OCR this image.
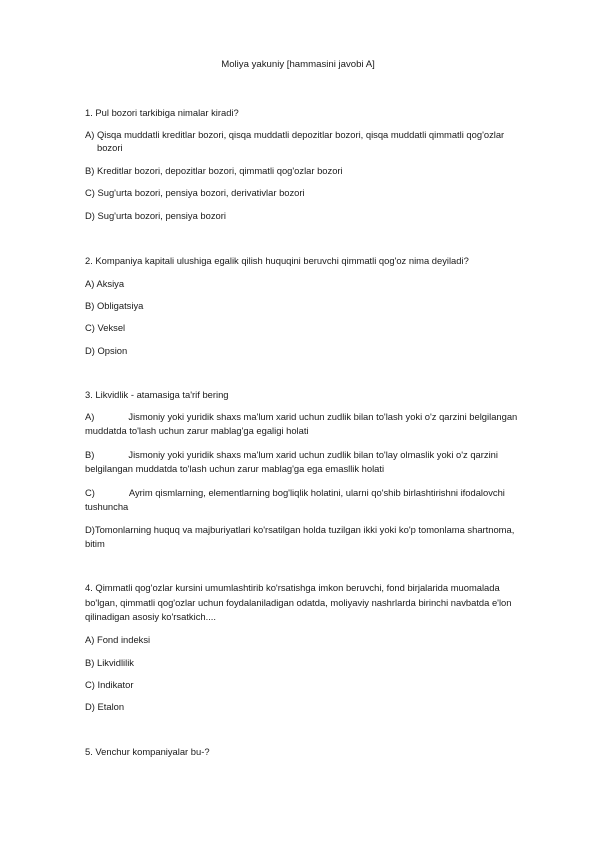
Moliya yakuniy [hammasini javobi A]
1. Pul bozori tarkibiga nimalar kiradi?
A) Qisqa muddatli kreditlar bozori, qisqa muddatli depozitlar bozori, qisqa muddatli qimmatli qog'ozlar
bozori
B) Kreditlar bozori, depozitlar bozori, qimmatli qog'ozlar bozori
C) Sug'urta bozori, pensiya bozori, derivativlar bozori
D) Sug'urta bozori, pensiya bozori
2. Kompaniya kapitali ulushiga egalik qilish huquqini beruvchi qimmatli qog'oz nima deyiladi?
A) Aksiya
B) Obligatsiya
C) Veksel
D) Opsion
3. Likvidlik - atamasiga ta'rif bering
A)	Jismoniy yoki yuridik shaxs ma'lum xarid uchun zudlik bilan to'lash yoki o'z qarzini belgilangan
muddatda to'lash uchun zarur mablag'ga egaligi holati
B)	Jismoniy yoki yuridik shaxs ma'lum xarid uchun zudlik bilan to'lay olmaslik yoki o'z qarzini
belgilangan muddatda to'lash uchun zarur mablag'ga ega emasllik holati
C)	Ayrim qismlarning, elementlarning bog'liqlik holatini, ularni qo'shib birlashtirishni ifodalovchi
tushuncha
D)Tomonlarning huquq va majburiyatlari ko'rsatilgan holda tuzilgan ikki yoki ko'p tomonlama shartnoma,
bitim
4. Qimmatli qog'ozlar kursini umumlashtirib ko'rsatishga imkon beruvchi, fond birjalarida muomalada
bo'lgan, qimmatli qog'ozlar uchun foydalaniladigan odatda, moliyaviy nashrlarda birinchi navbatda e'lon
qilinadigan asosiy ko'rsatkich....
A) Fond indeksi
B) Likvidlilik
C) Indikator
D) Etalon
5. Venchur kompaniyalar bu-?
